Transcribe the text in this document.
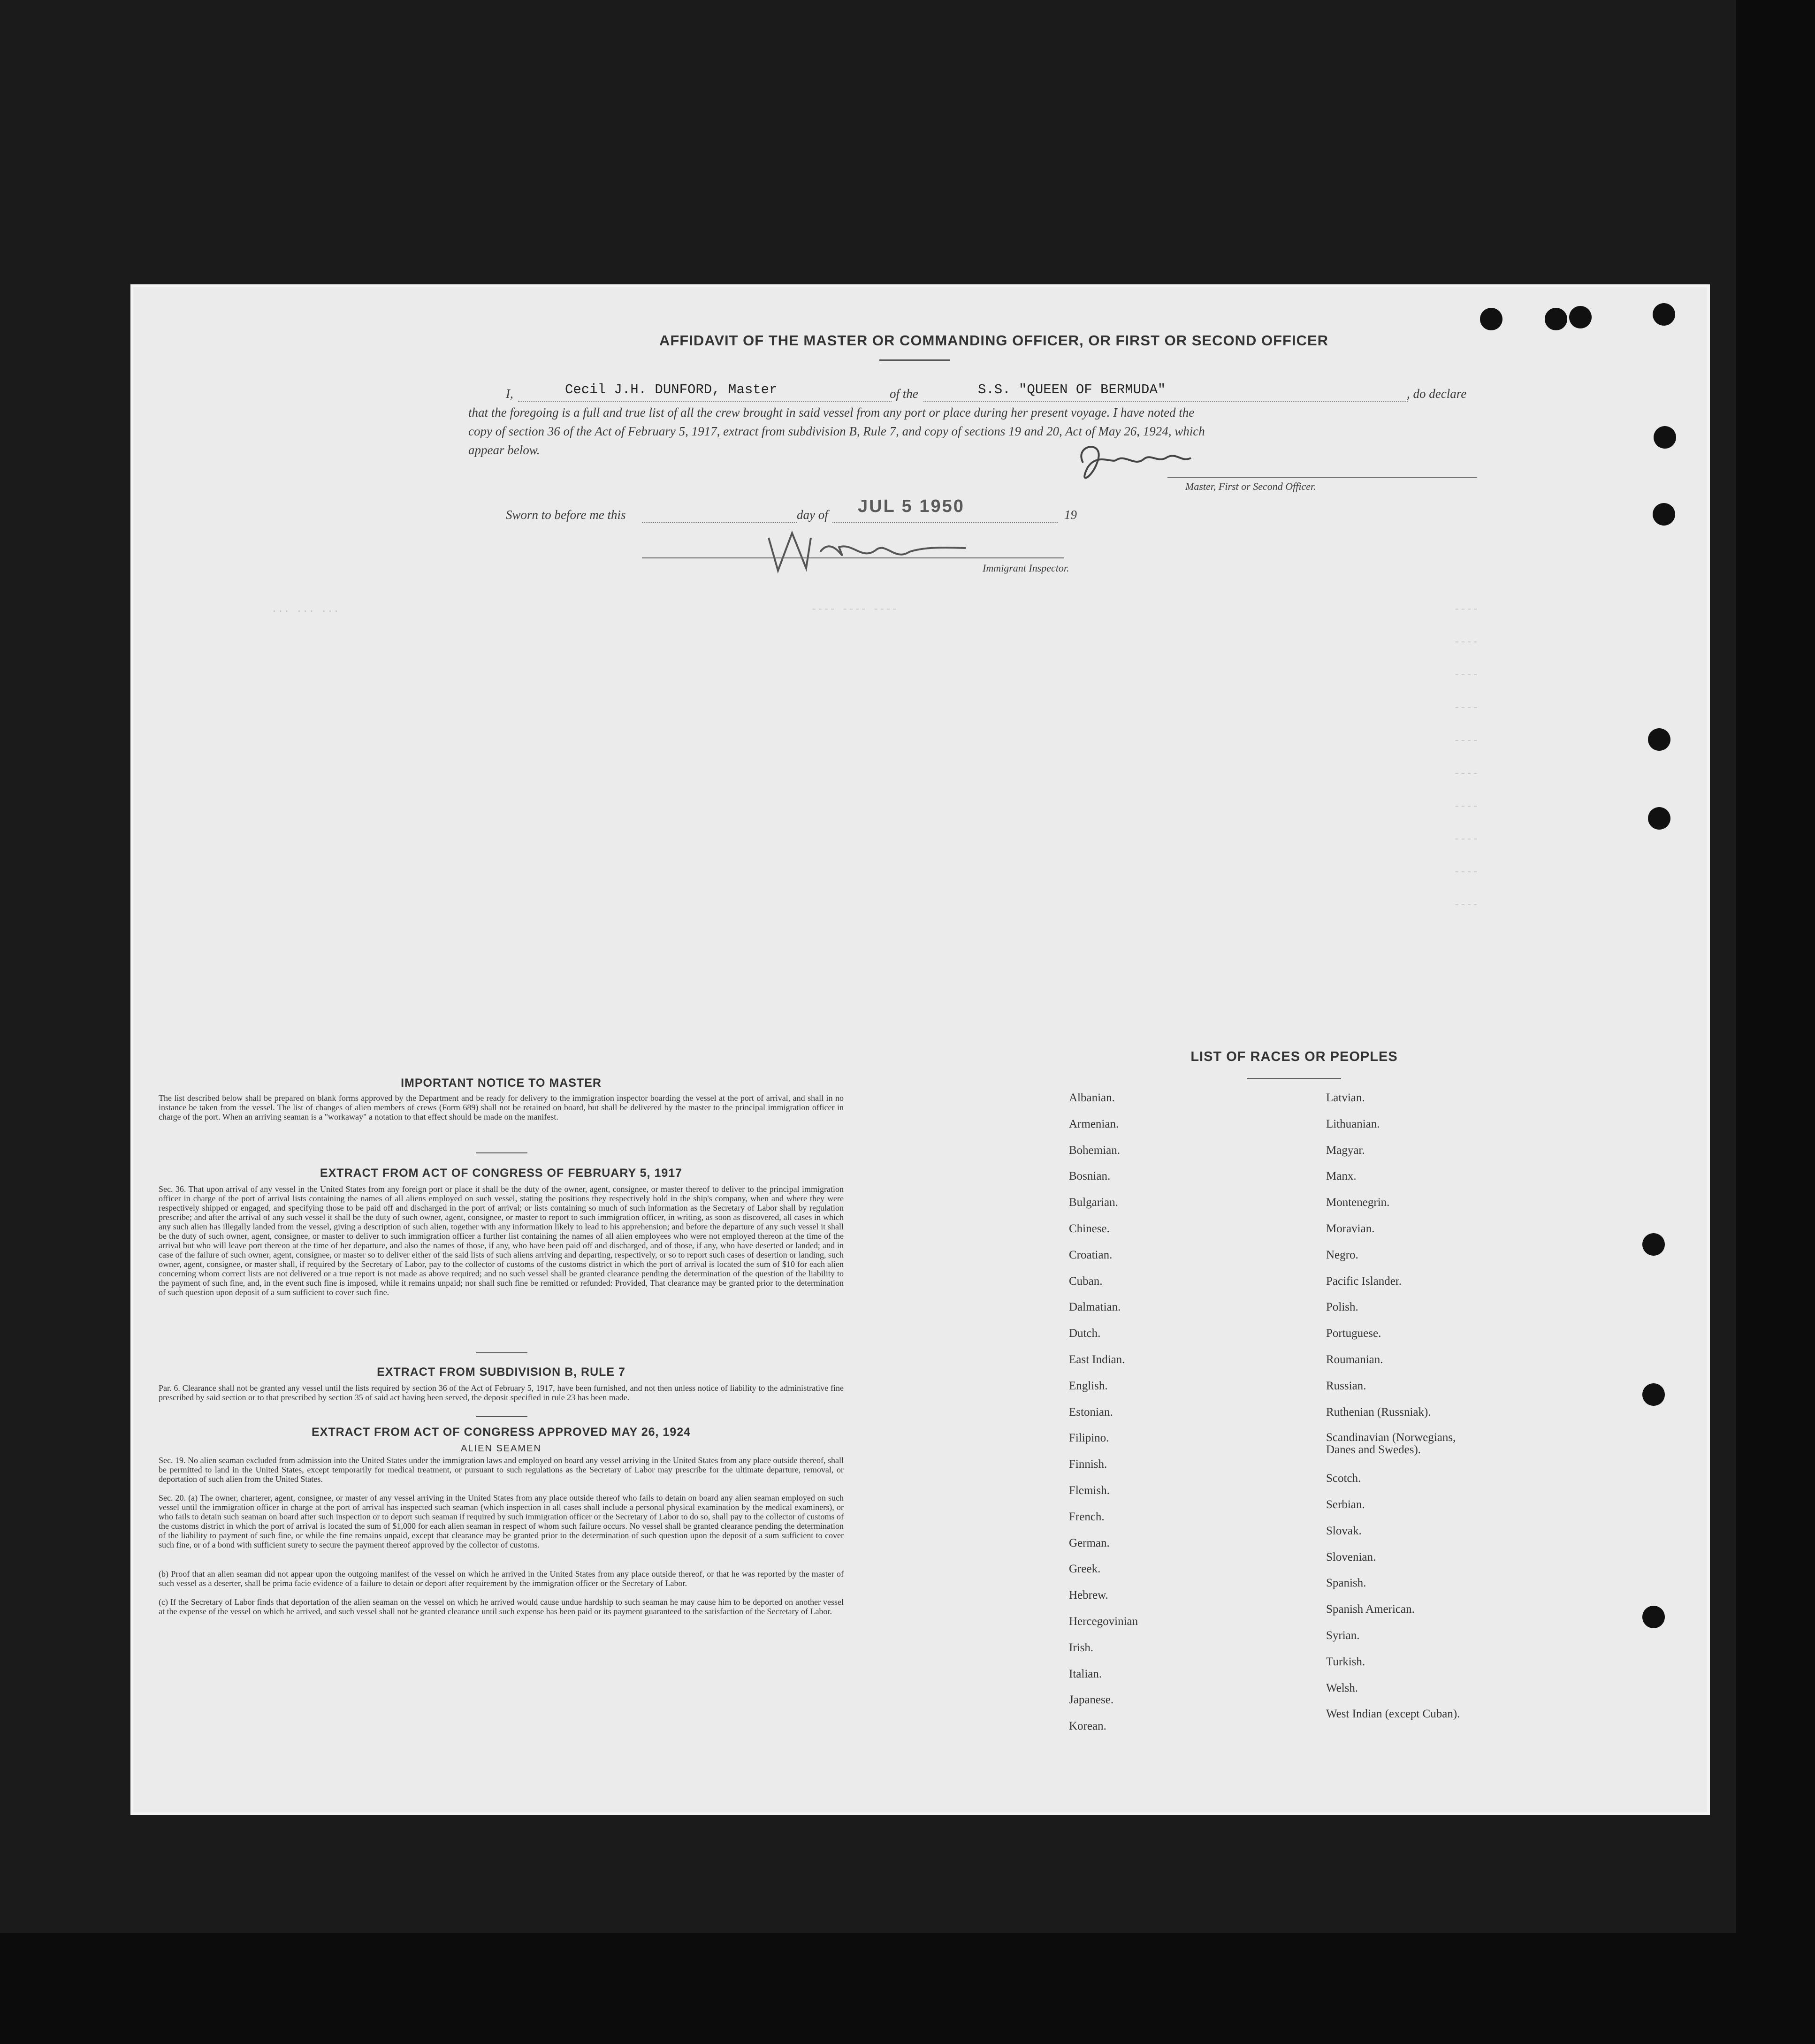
... ... ...	---- ---- ----	----
----
----
----
----
----
----
----
----
----
AFFIDAVIT OF THE MASTER OR COMMANDING OFFICER, OR FIRST OR SECOND OFFICER
I,	Cecil J.H. DUNFORD, Master	of the	S.S. "QUEEN OF BERMUDA"	, do declare
that the foregoing is a full and true list of all the crew brought in said vessel from any port or place during her present voyage. I have noted the
copy of section 36 of the Act of February 5, 1917, extract from subdivision B, Rule 7, and copy of sections 19 and 20, Act of May 26, 1924, which
appear below.
Master, First or Second Officer.
Sworn to before me this	day of JUL 5 1950	19
Immigrant Inspector.
IMPORTANT NOTICE TO MASTER
The list described below shall be prepared on blank forms approved by the Department and be ready for delivery to the immigration inspector boarding the vessel at the port of arrival, and shall in no instance be taken from the vessel. The list of changes of alien members of crews (Form 689) shall not be retained on board, but shall be delivered by the master to the principal immigration officer in charge of the port. When an arriving seaman is a "workaway" a notation to that effect should be made on the manifest.
EXTRACT FROM ACT OF CONGRESS OF FEBRUARY 5, 1917
Sec. 36. That upon arrival of any vessel in the United States from any foreign port or place it shall be the duty of the owner, agent, consignee, or master thereof to deliver to the principal immigration officer in charge of the port of arrival lists containing the names of all aliens employed on such vessel, stating the positions they respectively hold in the ship's company, when and where they were respectively shipped or engaged, and specifying those to be paid off and discharged in the port of arrival; or lists containing so much of such information as the Secretary of Labor shall by regulation prescribe; and after the arrival of any such vessel it shall be the duty of such owner, agent, consignee, or master to report to such immigration officer, in writing, as soon as discovered, all cases in which any such alien has illegally landed from the vessel, giving a description of such alien, together with any information likely to lead to his apprehension; and before the departure of any such vessel it shall be the duty of such owner, agent, consignee, or master to deliver to such immigration officer a further list containing the names of all alien employees who were not employed thereon at the time of the arrival but who will leave port thereon at the time of her departure, and also the names of those, if any, who have been paid off and discharged, and of those, if any, who have deserted or landed; and in case of the failure of such owner, agent, consignee, or master so to deliver either of the said lists of such aliens arriving and departing, respectively, or so to report such cases of desertion or landing, such owner, agent, consignee, or master shall, if required by the Secretary of Labor, pay to the collector of customs of the customs district in which the port of arrival is located the sum of $10 for each alien concerning whom correct lists are not delivered or a true report is not made as above required; and no such vessel shall be granted clearance pending the determination of the question of the liability to the payment of such fine, and, in the event such fine is imposed, while it remains unpaid; nor shall such fine be remitted or refunded: Provided, That clearance may be granted prior to the determination of such question upon deposit of a sum sufficient to cover such fine.
EXTRACT FROM SUBDIVISION B, RULE 7
Par. 6. Clearance shall not be granted any vessel until the lists required by section 36 of the Act of February 5, 1917, have been furnished, and not then unless notice of liability to the administrative fine prescribed by said section or to that prescribed by section 35 of said act having been served, the deposit specified in rule 23 has been made.
EXTRACT FROM ACT OF CONGRESS APPROVED MAY 26, 1924
ALIEN SEAMEN
Sec. 19. No alien seaman excluded from admission into the United States under the immigration laws and employed on board any vessel arriving in the United States from any place outside thereof, shall be permitted to land in the United States, except temporarily for medical treatment, or pursuant to such regulations as the Secretary of Labor may prescribe for the ultimate departure, removal, or deportation of such alien from the United States.
Sec. 20. (a) The owner, charterer, agent, consignee, or master of any vessel arriving in the United States from any place outside thereof who fails to detain on board any alien seaman employed on such vessel until the immigration officer in charge at the port of arrival has inspected such seaman (which inspection in all cases shall include a personal physical examination by the medical examiners), or who fails to detain such seaman on board after such inspection or to deport such seaman if required by such immigration officer or the Secretary of Labor to do so, shall pay to the collector of customs of the customs district in which the port of arrival is located the sum of $1,000 for each alien seaman in respect of whom such failure occurs. No vessel shall be granted clearance pending the determination of the liability to payment of such fine, or while the fine remains unpaid, except that clearance may be granted prior to the determination of such question upon the deposit of a sum sufficient to cover such fine, or of a bond with sufficient surety to secure the payment thereof approved by the collector of customs.
(b) Proof that an alien seaman did not appear upon the outgoing manifest of the vessel on which he arrived in the United States from any place outside thereof, or that he was reported by the master of such vessel as a deserter, shall be prima facie evidence of a failure to detain or deport after requirement by the immigration officer or the Secretary of Labor.
(c) If the Secretary of Labor finds that deportation of the alien seaman on the vessel on which he arrived would cause undue hardship to such seaman he may cause him to be deported on another vessel at the expense of the vessel on which he arrived, and such vessel shall not be granted clearance until such expense has been paid or its payment guaranteed to the satisfaction of the Secretary of Labor.
LIST OF RACES OR PEOPLES
Albanian.
Armenian.
Bohemian.
Bosnian.
Bulgarian.
Chinese.
Croatian.
Cuban.
Dalmatian.
Dutch.
East Indian.
English.
Estonian.
Filipino.
Finnish.
Flemish.
French.
German.
Greek.
Hebrew.
Hercegovinian
Irish.
Italian.
Japanese.
Korean.
Latvian.
Lithuanian.
Magyar.
Manx.
Montenegrin.
Moravian.
Negro.
Pacific Islander.
Polish.
Portuguese.
Roumanian.
Russian.
Ruthenian (Russniak).
Scandinavian (Norwegians, Danes and Swedes).
Scotch.
Serbian.
Slovak.
Slovenian.
Spanish.
Spanish American.
Syrian.
Turkish.
Welsh.
West Indian (except Cuban).
